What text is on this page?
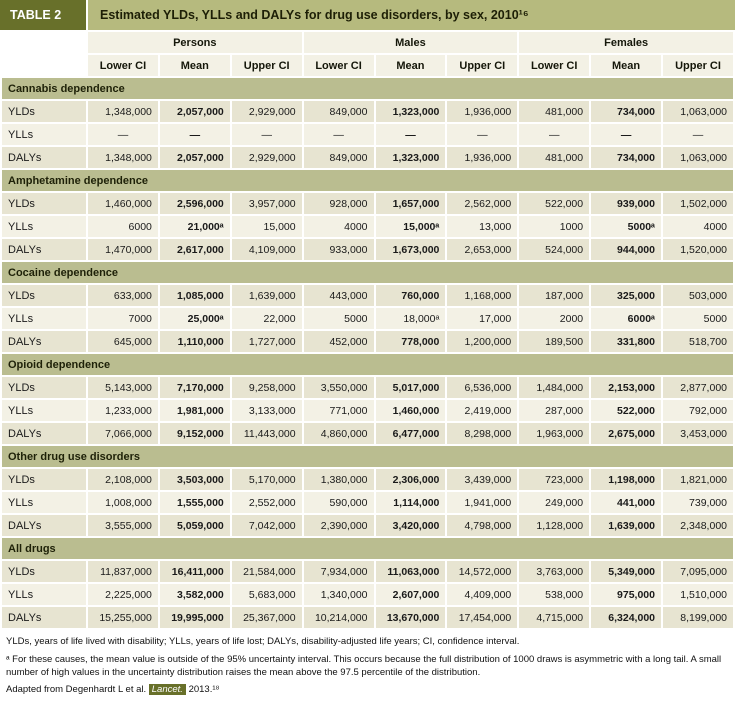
TABLE 2	Estimated YLDs, YLLs and DALYs for drug use disorders, by sex, 2010¹⁶
	Persons			Males			Females		
	Lower CI	Mean	Upper CI	Lower CI	Mean	Upper CI	Lower CI	Mean	Upper CI
Cannabis dependence									
YLDs	1,348,000	2,057,000	2,929,000	849,000	1,323,000	1,936,000	481,000	734,000	1,063,000
YLLs	—	—	—	—	—	—	—	—	—
DALYs	1,348,000	2,057,000	2,929,000	849,000	1,323,000	1,936,000	481,000	734,000	1,063,000
Amphetamine dependence									
YLDs	1,460,000	2,596,000	3,957,000	928,000	1,657,000	2,562,000	522,000	939,000	1,502,000
YLLs	6000	21,000ᵃ	15,000	4000	15,000ᵃ	13,000	1000	5000ᵃ	4000
DALYs	1,470,000	2,617,000	4,109,000	933,000	1,673,000	2,653,000	524,000	944,000	1,520,000
Cocaine dependence									
YLDs	633,000	1,085,000	1,639,000	443,000	760,000	1,168,000	187,000	325,000	503,000
YLLs	7000	25,000ᵃ	22,000	5000	18,000ᵃ	17,000	2000	6000ᵃ	5000
DALYs	645,000	1,110,000	1,727,000	452,000	778,000	1,200,000	189,500	331,800	518,700
Opioid dependence									
YLDs	5,143,000	7,170,000	9,258,000	3,550,000	5,017,000	6,536,000	1,484,000	2,153,000	2,877,000
YLLs	1,233,000	1,981,000	3,133,000	771,000	1,460,000	2,419,000	287,000	522,000	792,000
DALYs	7,066,000	9,152,000	11,443,000	4,860,000	6,477,000	8,298,000	1,963,000	2,675,000	3,453,000
Other drug use disorders									
YLDs	2,108,000	3,503,000	5,170,000	1,380,000	2,306,000	3,439,000	723,000	1,198,000	1,821,000
YLLs	1,008,000	1,555,000	2,552,000	590,000	1,114,000	1,941,000	249,000	441,000	739,000
DALYs	3,555,000	5,059,000	7,042,000	2,390,000	3,420,000	4,798,000	1,128,000	1,639,000	2,348,000
All drugs									
YLDs	11,837,000	16,411,000	21,584,000	7,934,000	11,063,000	14,572,000	3,763,000	5,349,000	7,095,000
YLLs	2,225,000	3,582,000	5,683,000	1,340,000	2,607,000	4,409,000	538,000	975,000	1,510,000
DALYs	15,255,000	19,995,000	25,367,000	10,214,000	13,670,000	17,454,000	4,715,000	6,324,000	8,199,000

YLDs, years of life lived with disability; YLLs, years of life lost; DALYs, disability-adjusted life years; CI, confidence interval.

ᵃ For these causes, the mean value is outside of the 95% uncertainty interval. This occurs because the full distribution of 1000 draws is asymmetric with a long tail. A small number of high values in the uncertainty distribution raises the mean above the 97.5 percentile of the distribution.

Adapted from Degenhardt L et al. Lancet. 2013.¹⁸
